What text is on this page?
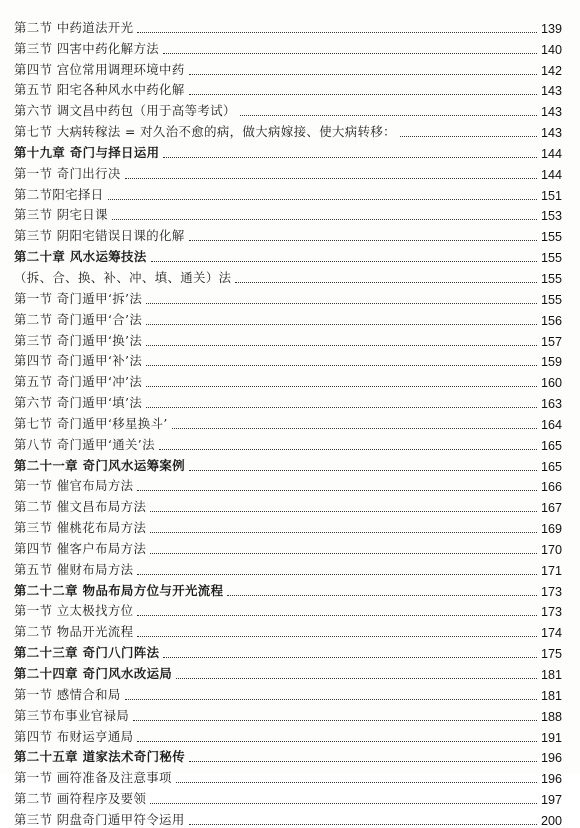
第二节 中药道法开光	139
第三节 四害中药化解方法	140
第四节 宫位常用调理环境中药	142
第五节 阳宅各种风水中药化解	143
第六节 调文昌中药包（用于高等考试）	143
第七节 大病转稼法 = 对久治不愈的病，做大病嫁接、使大病转移：	143
第十九章 奇门与择日运用	144
第一节 奇门出行决	144
第二节阳宅择日	151
第三节 阴宅日课	153
第三节 阴阳宅错误日课的化解	155
第二十章 风水运筹技法	155
（拆、合、换、补、冲、填、通关）法	155
第一节 奇门遁甲‘拆’法	155
第二节 奇门遁甲‘合’法	156
第三节 奇门遁甲‘换’法	157
第四节 奇门遁甲‘补’法	159
第五节 奇门遁甲‘冲’法	160
第六节 奇门遁甲‘填’法	163
第七节 奇门遁甲‘移星换斗’	164
第八节 奇门遁甲‘通关’法	165
第二十一章 奇门风水运筹案例	165
第一节 催官布局方法	166
第二节 催文昌布局方法	167
第三节 催桃花布局方法	169
第四节 催客户布局方法	170
第五节 催财布局方法	171
第二十二章 物品布局方位与开光流程	173
第一节 立太极找方位	173
第二节 物品开光流程	174
第二十三章 奇门八门阵法	175
第二十四章 奇门风水改运局	181
第一节 感情合和局	181
第三节布事业官禄局	188
第四节 布财运亨通局	191
第二十五章 道家法术奇门秘传	196
第一节 画符准备及注意事项	196
第二节 画符程序及要领	197
第三节 阴盘奇门遁甲符令运用	200
